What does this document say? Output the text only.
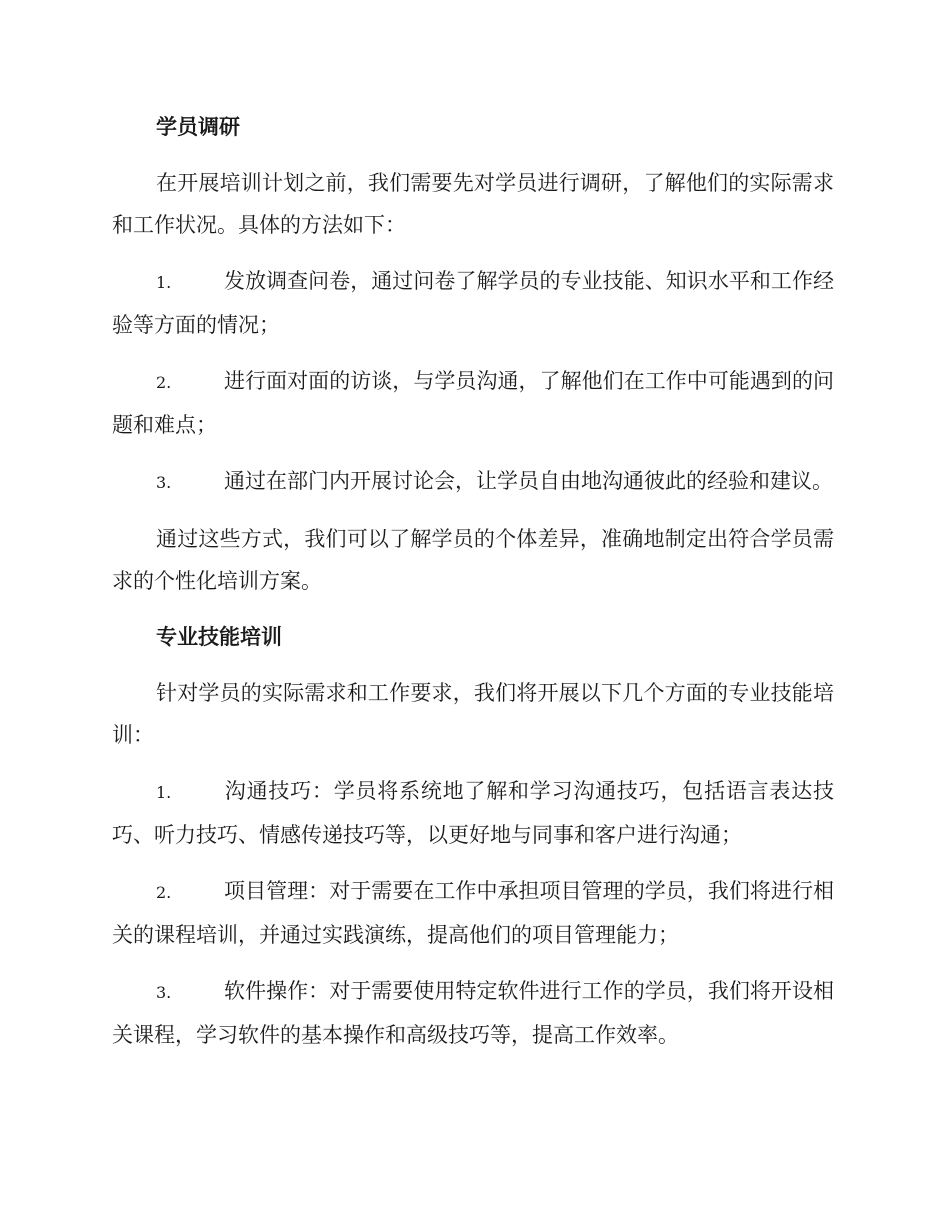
学员调研

在开展培训计划之前，我们需要先对学员进行调研，了解他们的实际需求和工作状况。具体的方法如下：

1.	发放调查问卷，通过问卷了解学员的专业技能、知识水平和工作经验等方面的情况；

2.	进行面对面的访谈，与学员沟通，了解他们在工作中可能遇到的问题和难点；

3.	通过在部门内开展讨论会，让学员自由地沟通彼此的经验和建议。

通过这些方式，我们可以了解学员的个体差异，准确地制定出符合学员需求的个性化培训方案。

专业技能培训

针对学员的实际需求和工作要求，我们将开展以下几个方面的专业技能培训：

1.	沟通技巧：学员将系统地了解和学习沟通技巧，包括语言表达技巧、听力技巧、情感传递技巧等，以更好地与同事和客户进行沟通；

2.	项目管理：对于需要在工作中承担项目管理的学员，我们将进行相关的课程培训，并通过实践演练，提高他们的项目管理能力；

3.	软件操作：对于需要使用特定软件进行工作的学员，我们将开设相关课程，学习软件的基本操作和高级技巧等，提高工作效率。
